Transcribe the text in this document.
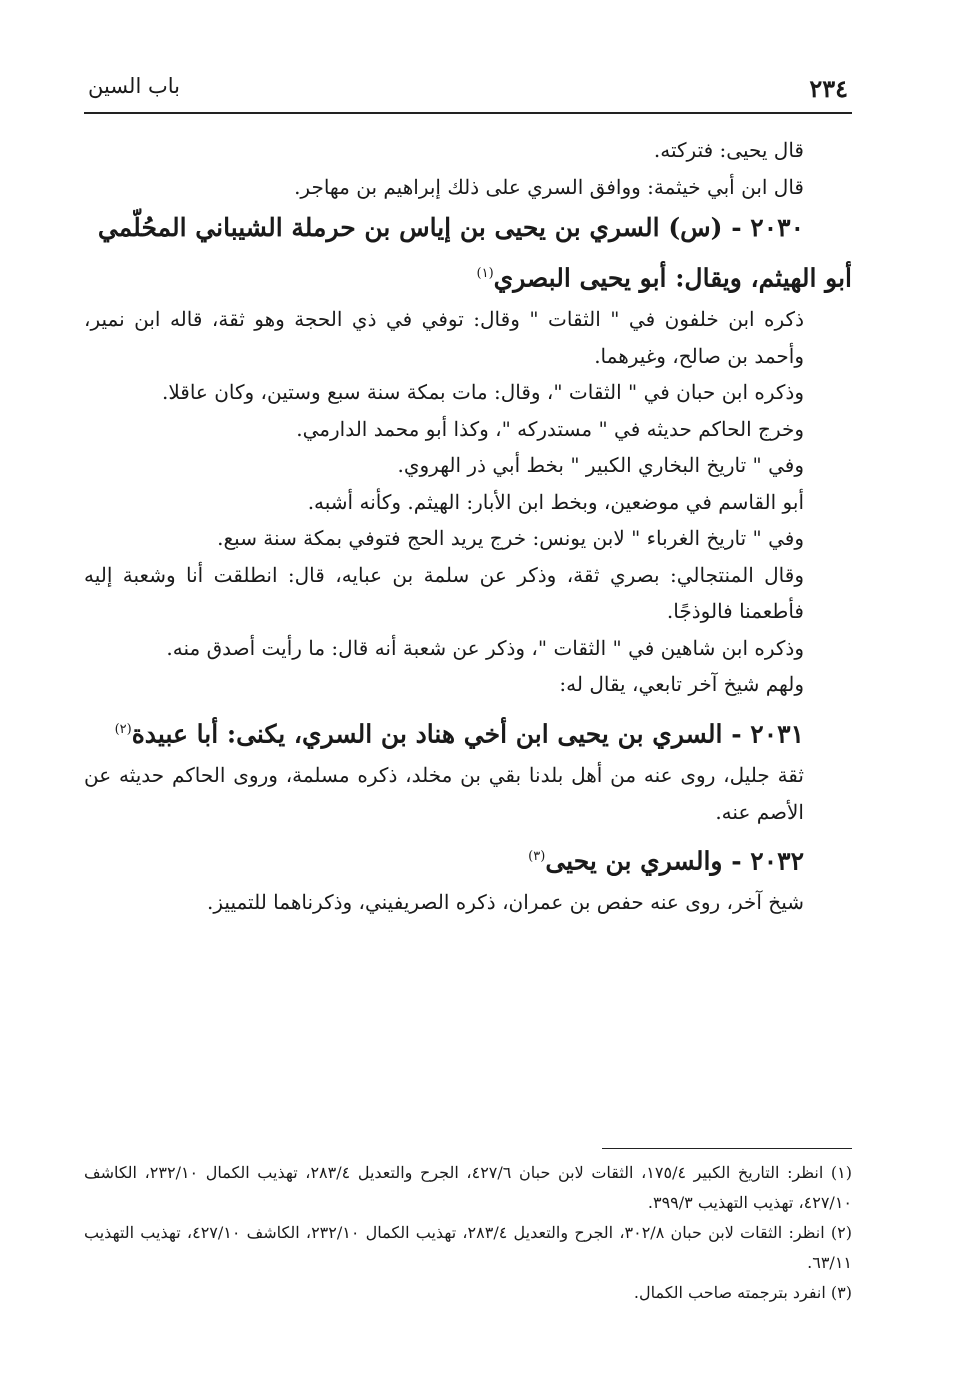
٢٣٤
باب السين

قال يحيى: فتركته.

قال ابن أبي خيثمة: ووافق السري على ذلك إبراهيم بن مهاجر.

٢٠٣٠ - (س) السري بن يحيى بن إياس بن حرملة الشيباني المحُلّمي

أبو الهيثم، ويقال: أبو يحيى البصري$^{(١)}$

ذكره ابن خلفون في " الثقات " وقال: توفي في ذي الحجة وهو ثقة، قاله ابن نمير، وأحمد بن صالح، وغيرهما.

وذكره ابن حبان في " الثقات "، وقال: مات بمكة سنة سبع وستين، وكان عاقلا.

وخرج الحاكم حديثه في " مستدركه "، وكذا أبو محمد الدارمي.

وفي " تاريخ البخاري الكبير " بخط أبي ذر الهروي.

أبو القاسم في موضعين، وبخط ابن الأبار: الهيثم. وكأنه أشبه.

وفي " تاريخ الغرباء " لابن يونس: خرج يريد الحج فتوفي بمكة سنة سبع.

وقال المنتجالي: بصري ثقة، وذكر عن سلمة بن عبايه، قال: انطلقت أنا وشعبة إليه فأطعمنا فالوذجًا.

وذكره ابن شاهين في " الثقات "، وذكر عن شعبة أنه قال: ما رأيت أصدق منه.

ولهم شيخ آخر تابعي، يقال له:

٢٠٣١ - السري بن يحيى ابن أخي هناد بن السري، يكنى: أبا عبيدة$^{(٢)}$

ثقة جليل، روى عنه من أهل بلدنا بقي بن مخلد، ذكره مسلمة، وروى الحاكم حديثه عن الأصم عنه.

٢٠٣٢ - والسري بن يحيى$^{(٣)}$

شيخ آخر، روى عنه حفص بن عمران، ذكره الصريفيني، وذكرناهما للتمييز.

(١) انظر: التاريخ الكبير ١٧٥/٤، الثقات لابن حبان ٤٢٧/٦، الجرح والتعديل ٢٨٣/٤، تهذيب الكمال ٢٣٢/١٠، الكاشف ٤٢٧/١٠، تهذيب التهذيب ٣٩٩/٣.

(٢) انظر: الثقات لابن حبان ٣٠٢/٨، الجرح والتعديل ٢٨٣/٤، تهذيب الكمال ٢٣٢/١٠، الكاشف ٤٢٧/١٠، تهذيب التهذيب ٦٣/١١.

(٣) انفرد بترجمته صاحب الكمال.
